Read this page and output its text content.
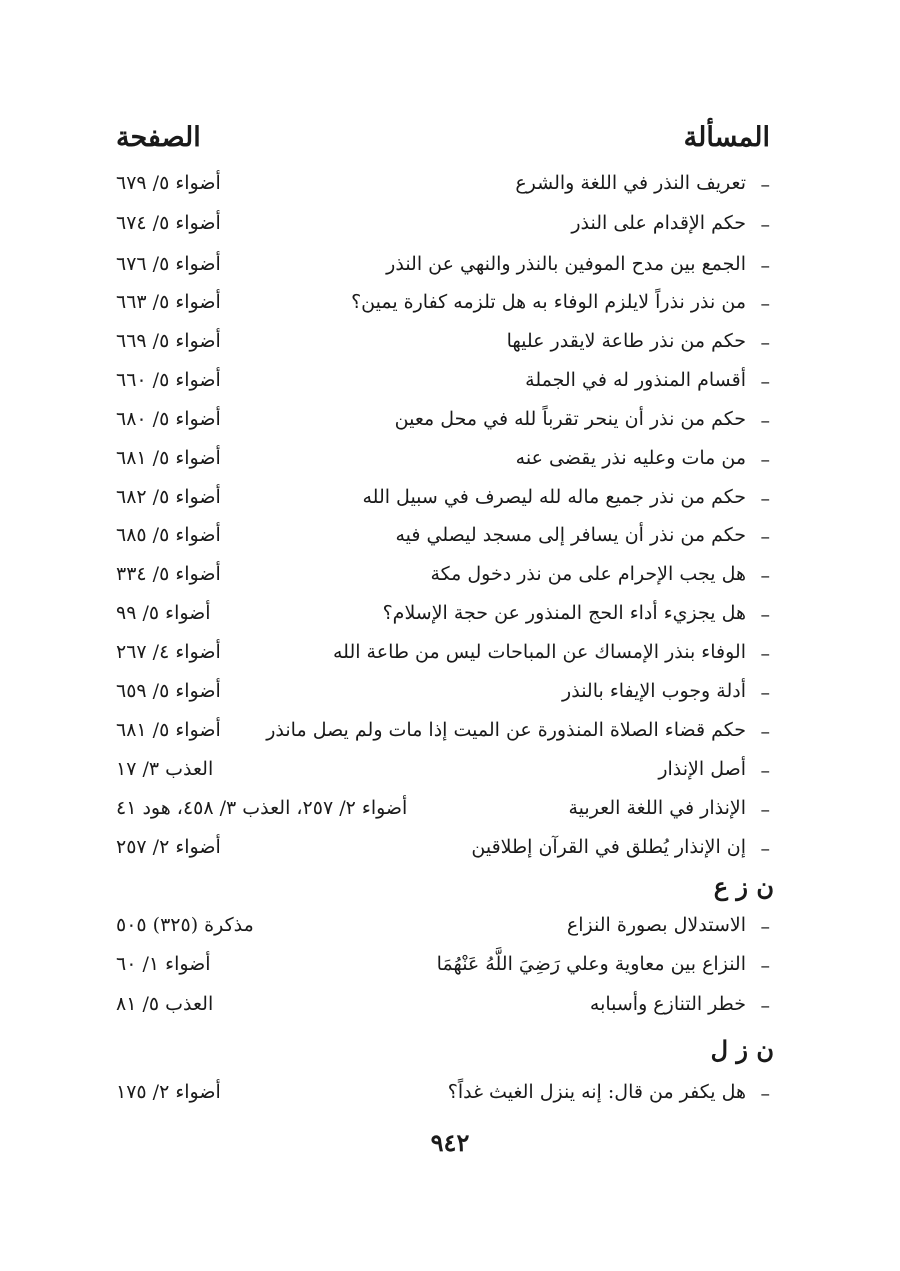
المسألة
الصفحة
–
تعريف النذر في اللغة والشرع
أضواء ٥/ ٦٧٩
–
حكم الإقدام على النذر
أضواء ٥/ ٦٧٤
–
الجمع بين مدح الموفين بالنذر والنهي عن النذر
أضواء ٥/ ٦٧٦
–
من نذر نذراً لايلزم الوفاء به هل تلزمه كفارة يمين؟
أضواء ٥/ ٦٦٣
–
حكم من نذر طاعة لايقدر عليها
أضواء ٥/ ٦٦٩
–
أقسام المنذور له في الجملة
أضواء ٥/ ٦٦٠
–
حكم من نذر أن ينحر تقرباً لله في محل معين
أضواء ٥/ ٦٨٠
–
من مات وعليه نذر يقضى عنه
أضواء ٥/ ٦٨١
–
حكم من نذر جميع ماله لله ليصرف في سبيل الله
أضواء ٥/ ٦٨٢
–
حكم من نذر أن يسافر إلى مسجد ليصلي فيه
أضواء ٥/ ٦٨٥
–
هل يجب الإحرام على من نذر دخول مكة
أضواء ٥/ ٣٣٤
–
هل يجزيء أداء الحج المنذور عن حجة الإسلام؟
أضواء ٥/ ٩٩
–
الوفاء بنذر الإمساك عن المباحات ليس من طاعة الله
أضواء ٤/ ٢٦٧
–
أدلة وجوب الإيفاء بالنذر
أضواء ٥/ ٦٥٩
–
حكم قضاء الصلاة المنذورة عن الميت إذا مات ولم يصل مانذر
أضواء ٥/ ٦٨١
–
أصل الإنذار
العذب ٣/ ١٧
–
الإنذار في اللغة العربية
أضواء ٢/ ٢٥٧، العذب ٣/ ٤٥٨، هود ٤١
–
إن الإنذار يُطلق في القرآن إطلاقين
أضواء ٢/ ٢٥٧
ن ز ع
–
الاستدلال بصورة النزاع
مذكرة (٣٢٥) ٥٠٥
–
النزاع بين معاوية وعلي رَضِيَ اللَّهُ عَنْهُمَا
أضواء ١/ ٦٠
–
خطر التنازع وأسبابه
العذب ٥/ ٨١
ن ز ل
–
هل يكفر من قال: إنه ينزل الغيث غداً؟
أضواء ٢/ ١٧٥
٩٤٢
